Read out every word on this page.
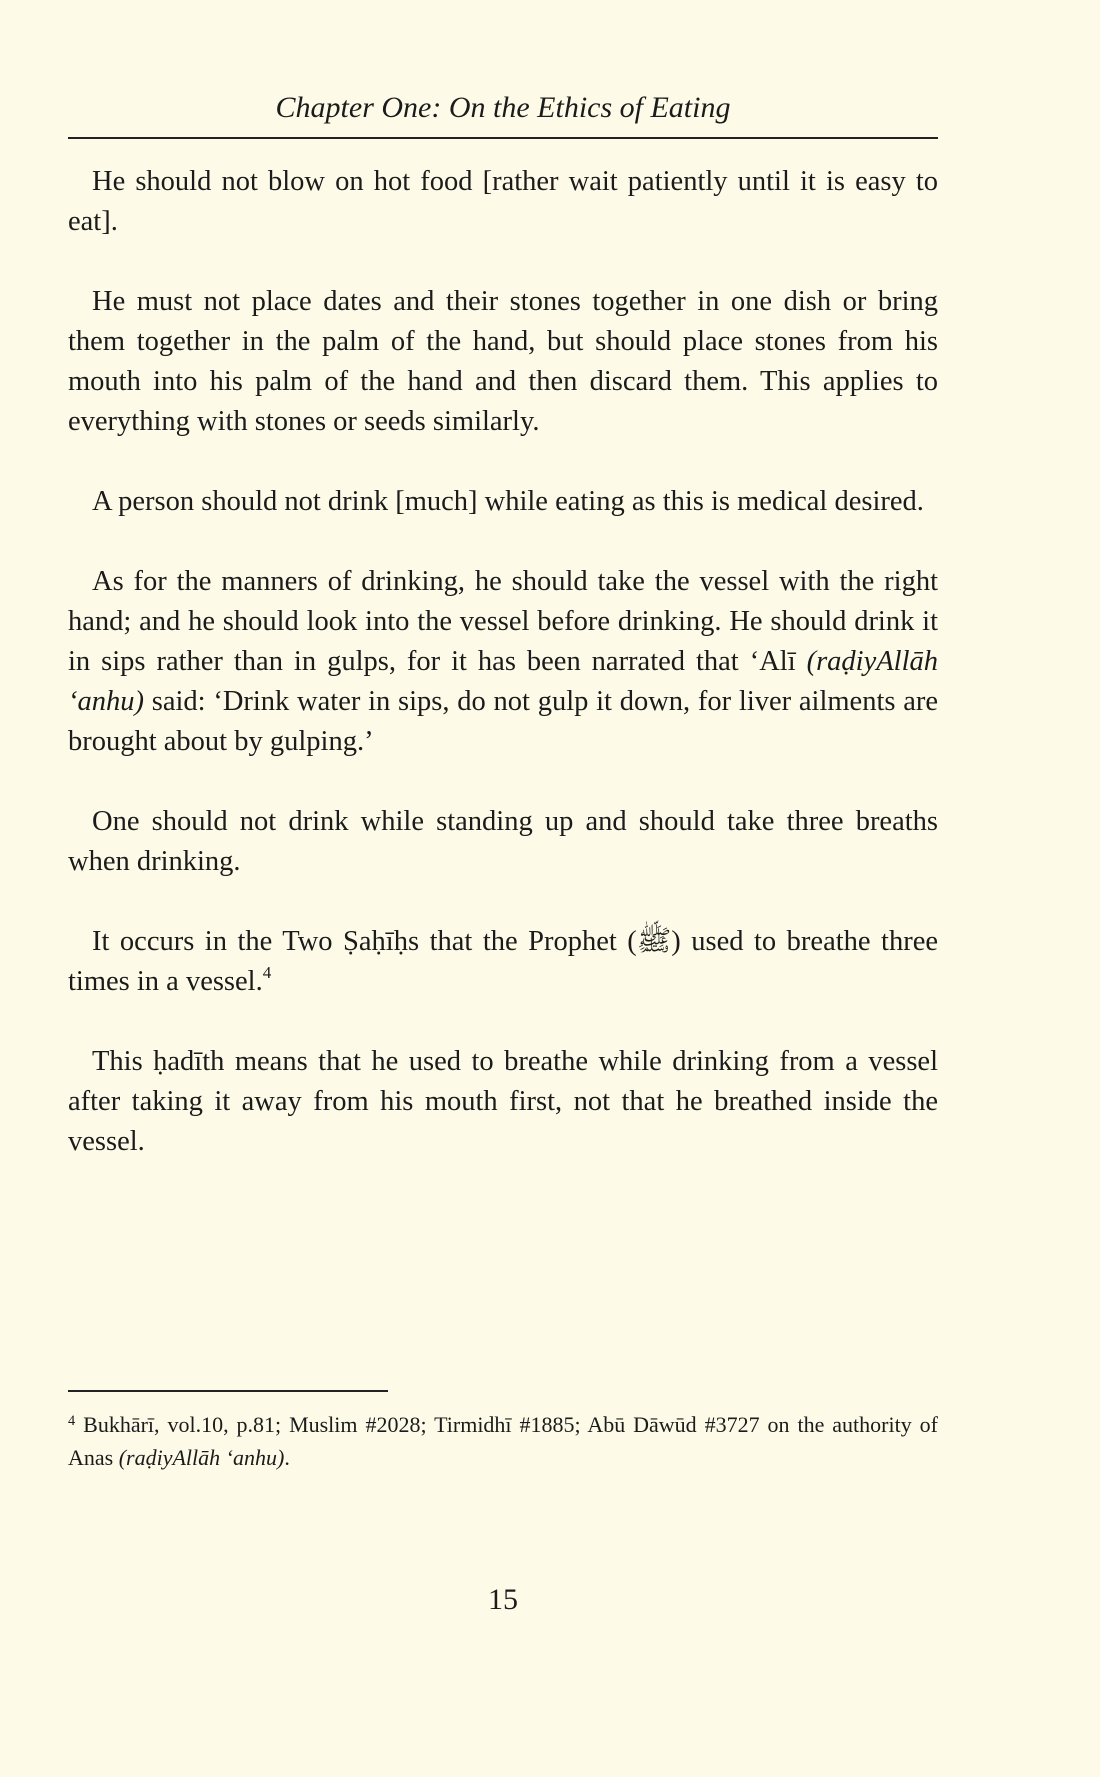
Chapter One: On the Ethics of Eating

He should not blow on hot food [rather wait patiently until it is easy to eat].

He must not place dates and their stones together in one dish or bring them together in the palm of the hand, but should place stones from his mouth into his palm of the hand and then discard them. This applies to everything with stones or seeds similarly.

A person should not drink [much] while eating as this is medical desired.

As for the manners of drinking, he should take the vessel with the right hand; and he should look into the vessel before drinking. He should drink it in sips rather than in gulps, for it has been narrated that ‘Alī (raḍiyAllāh ‘anhu) said: ‘Drink water in sips, do not gulp it down, for liver ailments are brought about by gulping.’

One should not drink while standing up and should take three breaths when drinking.

It occurs in the Two Ṣaḥīḥs that the Prophet (ﷺ) used to breathe three times in a vessel.$^4$

This ḥadīth means that he used to breathe while drinking from a vessel after taking it away from his mouth first, not that he breathed inside the vessel.

$^4$ Bukhārī, vol.10, p.81; Muslim #2028; Tirmidhī #1885; Abū Dāwūd #3727 on the authority of Anas (raḍiyAllāh ‘anhu).
15
